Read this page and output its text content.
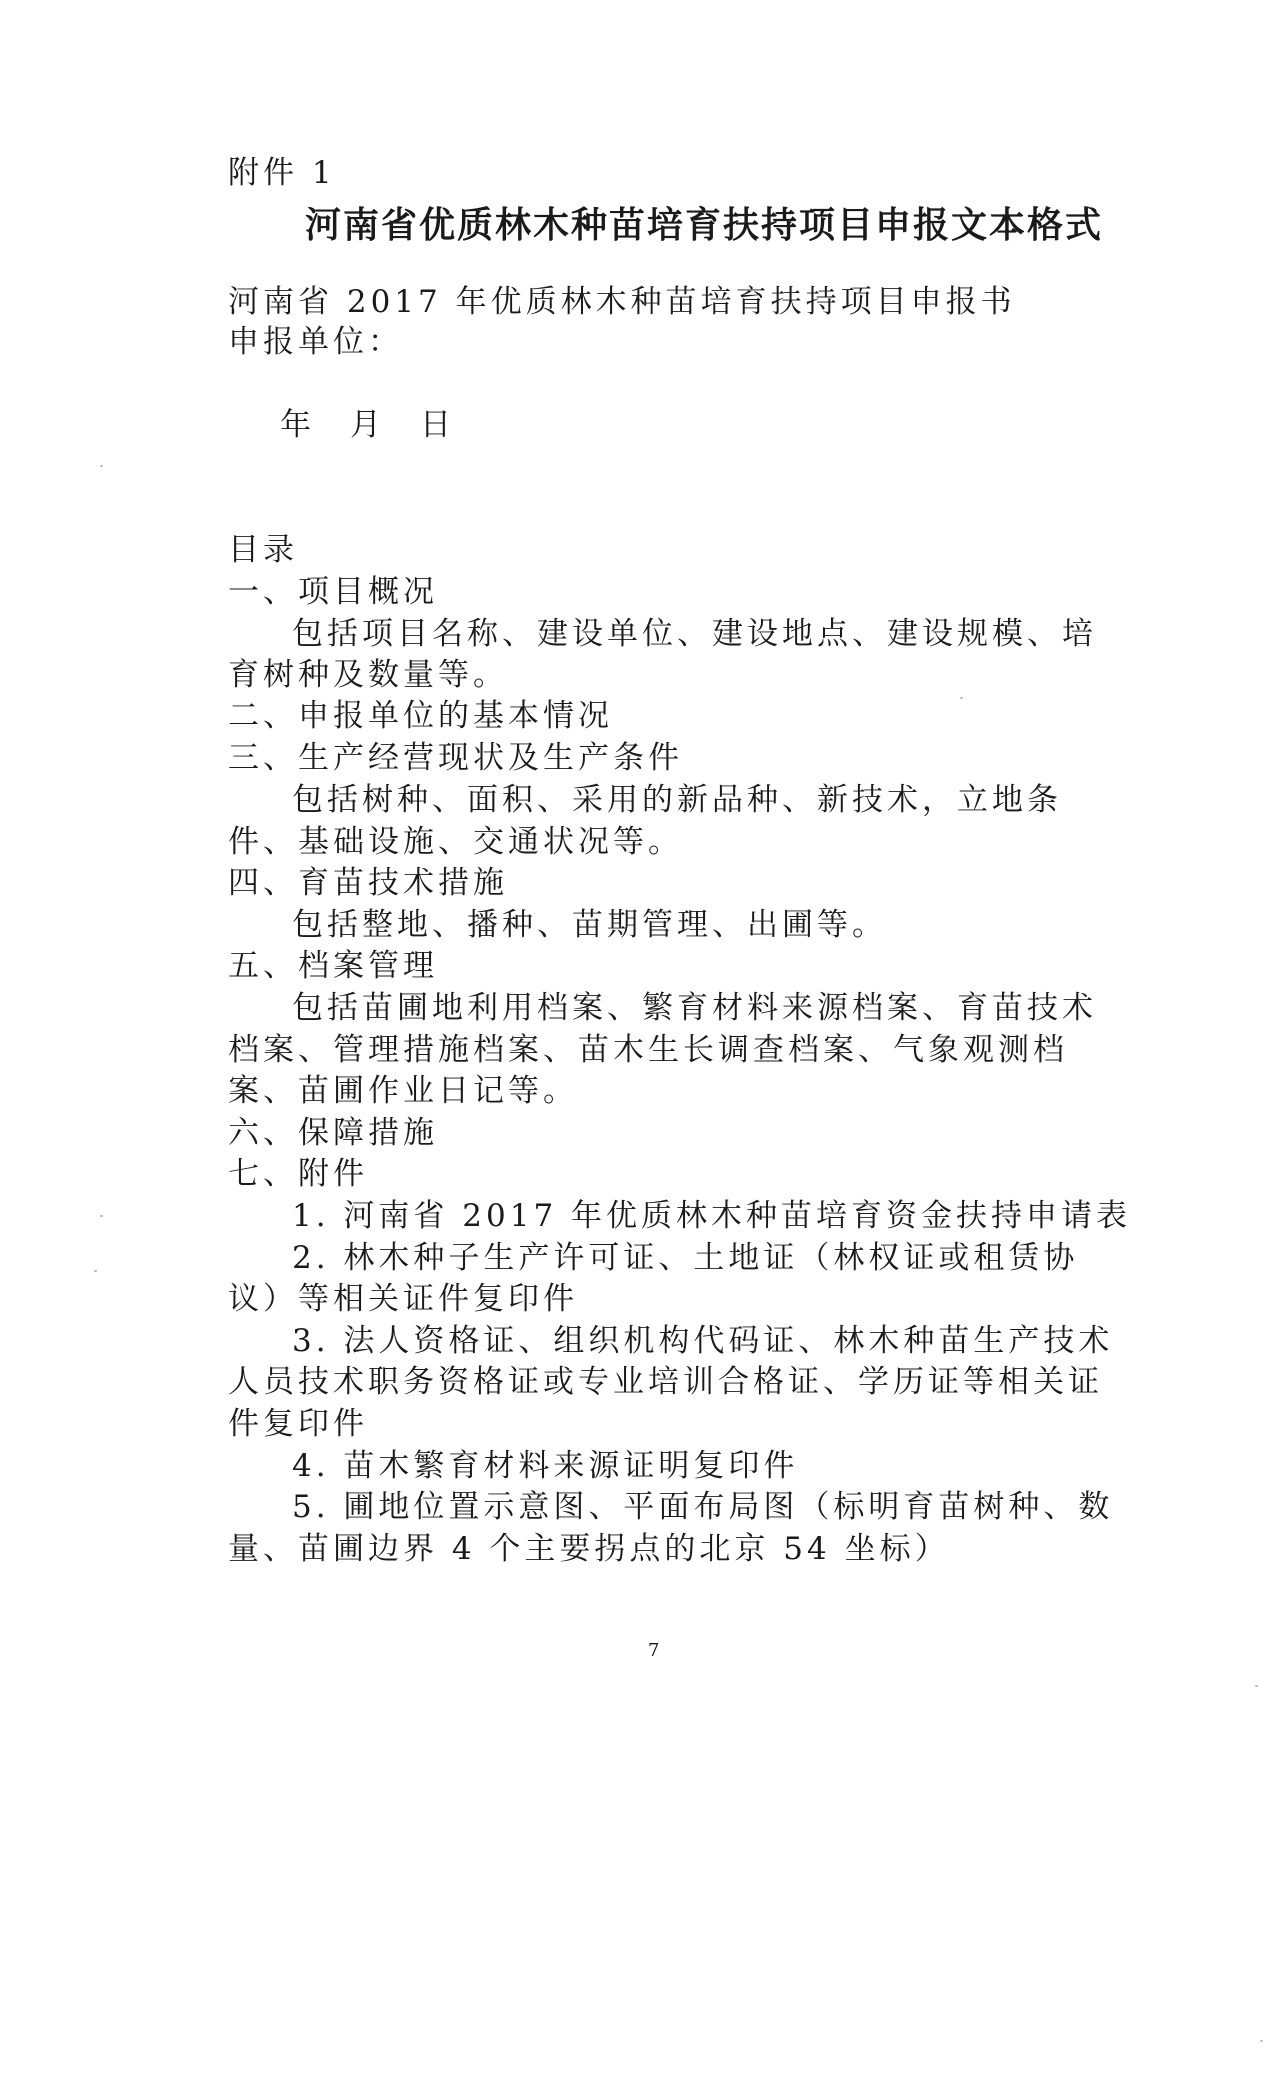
附件 1
河南省优质林木种苗培育扶持项目申报文本格式
河南省 2017 年优质林木种苗培育扶持项目申报书
申报单位：
年　月　日
目录
一、项目概况
包括项目名称、建设单位、建设地点、建设规模、培
育树种及数量等。
二、申报单位的基本情况
三、生产经营现状及生产条件
包括树种、面积、采用的新品种、新技术，立地条
件、基础设施、交通状况等。
四、育苗技术措施
包括整地、播种、苗期管理、出圃等。
五、档案管理
包括苗圃地利用档案、繁育材料来源档案、育苗技术
档案、管理措施档案、苗木生长调查档案、气象观测档
案、苗圃作业日记等。
六、保障措施
七、附件
1. 河南省 2017 年优质林木种苗培育资金扶持申请表
2. 林木种子生产许可证、土地证（林权证或租赁协
议）等相关证件复印件
3. 法人资格证、组织机构代码证、林木种苗生产技术
人员技术职务资格证或专业培训合格证、学历证等相关证
件复印件
4. 苗木繁育材料来源证明复印件
5. 圃地位置示意图、平面布局图（标明育苗树种、数
量、苗圃边界 4 个主要拐点的北京 54 坐标）
7
